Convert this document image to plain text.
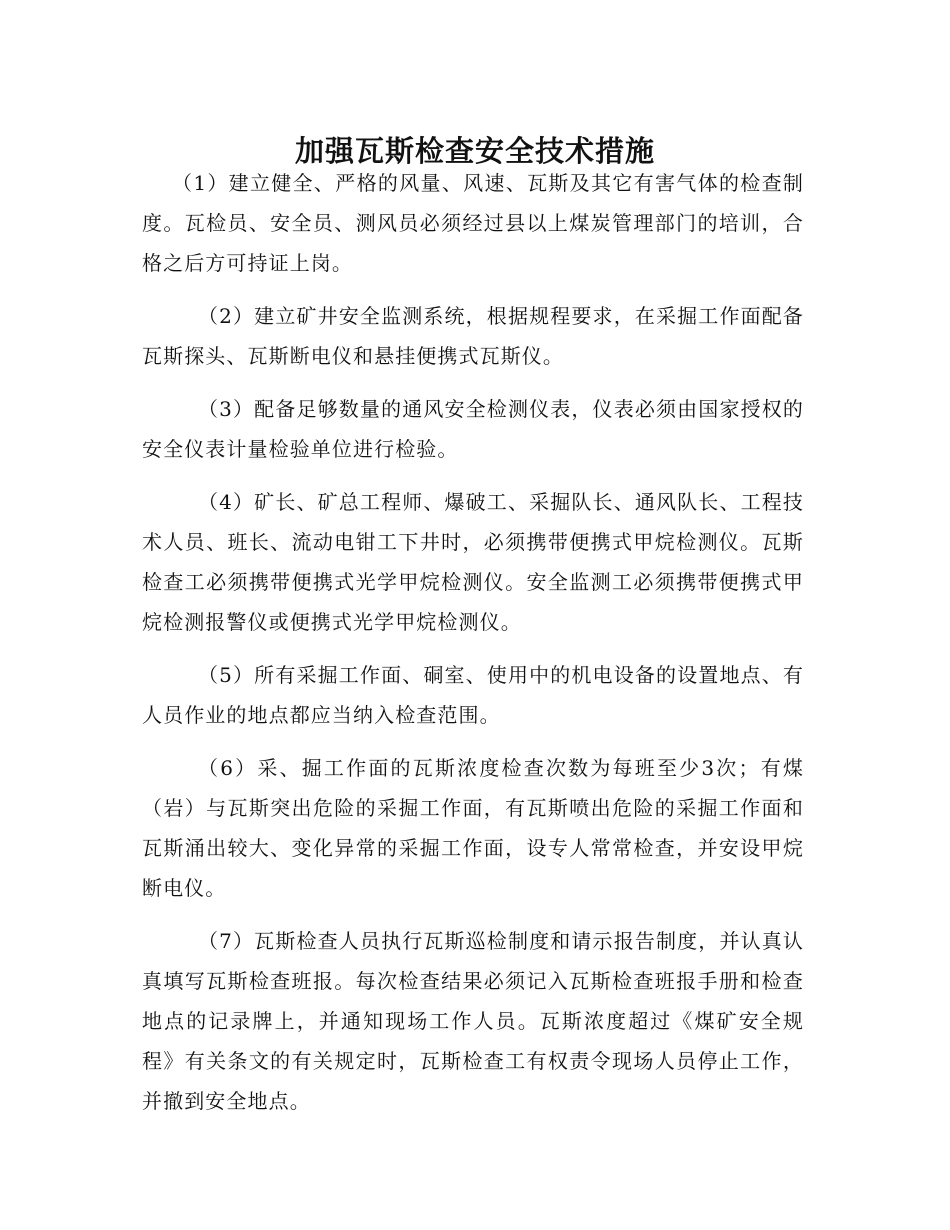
加强瓦斯检查安全技术措施

（1）建立健全、严格的风量、风速、瓦斯及其它有害气体的检查制度。瓦检员、安全员、测风员必须经过县以上煤炭管理部门的培训，合格之后方可持证上岗。

（2）建立矿井安全监测系统，根据规程要求，在采掘工作面配备瓦斯探头、瓦斯断电仪和悬挂便携式瓦斯仪。

（3）配备足够数量的通风安全检测仪表，仪表必须由国家授权的安全仪表计量检验单位进行检验。

（4）矿长、矿总工程师、爆破工、采掘队长、通风队长、工程技术人员、班长、流动电钳工下井时，必须携带便携式甲烷检测仪。瓦斯检查工必须携带便携式光学甲烷检测仪。安全监测工必须携带便携式甲烷检测报警仪或便携式光学甲烷检测仪。

（5）所有采掘工作面、硐室、使用中的机电设备的设置地点、有人员作业的地点都应当纳入检查范围。

（6）采、掘工作面的瓦斯浓度检查次数为每班至少3次；有煤（岩）与瓦斯突出危险的采掘工作面，有瓦斯喷出危险的采掘工作面和瓦斯涌出较大、变化异常的采掘工作面，设专人常常检查，并安设甲烷断电仪。

（7）瓦斯检查人员执行瓦斯巡检制度和请示报告制度，并认真认真填写瓦斯检查班报。每次检查结果必须记入瓦斯检查班报手册和检查地点的记录牌上，并通知现场工作人员。瓦斯浓度超过《煤矿安全规程》有关条文的有关规定时，瓦斯检查工有权责令现场人员停止工作，并撤到安全地点。
